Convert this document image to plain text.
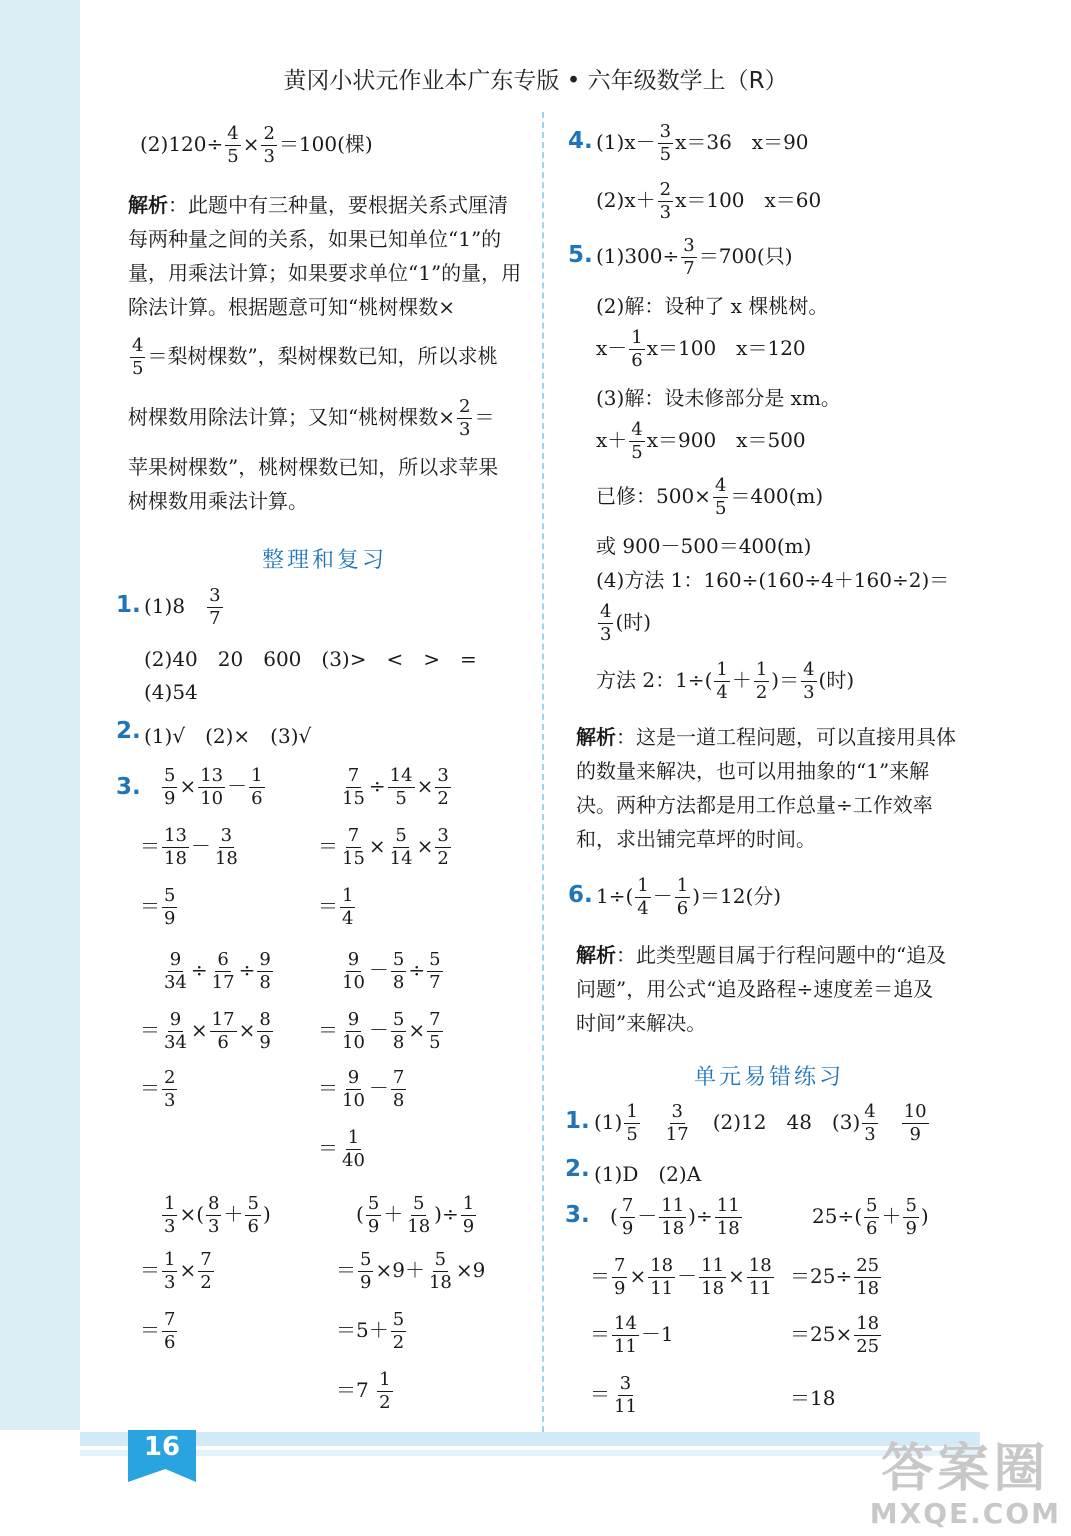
黄冈小状元作业本广东专版 • 六年级数学上（R）
$(2)120\div \frac{4}{5} \times \frac{2}{3} =100$(棵)
解析：此题中有三种量，要根据关系式厘清
每两种量之间的关系，如果已知单位“1”的
量，用乘法计算；如果要求单位“1”的量，用
除法计算。根据题意可知“桃树棵数×
$\frac{4}{5}$ ＝梨树棵数”，梨树棵数已知，所以求桃
树棵数用除法计算；又知“桃树棵数× $\frac{2}{3}$ ＝
苹果树棵数”，桃树棵数已知，所以求苹果
树棵数用乘法计算。
整理和复习
1. (1)8　 $\frac{3}{7}$
(2)40　20　600　(3)>　<　>　=
(4)54
2. (1)√　(2)×　(3)√
3. $\frac{5}{9} \times \frac{13}{10} - \frac{1}{6}$
＝ $\frac{13}{18} - \frac{3}{18}$
＝ $\frac{5}{9}$
$\frac{7}{15} \div \frac{14}{5} \times \frac{3}{2}$
＝ $\frac{7}{15} \times \frac{5}{14} \times \frac{3}{2}$
＝ $\frac{1}{4}$
$\frac{9}{34} \div \frac{6}{17} \div \frac{9}{8}$
＝ $\frac{9}{34} \times \frac{17}{6} \times \frac{8}{9}$
＝ $\frac{2}{3}$
$\frac{9}{10} - \frac{5}{8} \div \frac{5}{7}$
＝ $\frac{9}{10} - \frac{5}{8} \times \frac{7}{5}$
＝ $\frac{9}{10} - \frac{7}{8}$
＝ $\frac{1}{40}$
$\frac{1}{3}$ ×( $\frac{8}{3} + \frac{5}{6}$ )
＝ $\frac{1}{3} \times \frac{7}{2}$
＝ $\frac{7}{6}$
( $\frac{5}{9} + \frac{5}{18}$ )÷ $\frac{1}{9}$
＝ $\frac{5}{9} \times 9+ \frac{5}{18} \times 9$
$=5+ \frac{5}{2}$
$=7 \frac{1}{2}$
4. $(1)x- \frac{3}{5} x=36$　x＝90
$(2)x+ \frac{2}{3} x=100$　x＝60
5. $(1)300\div \frac{3}{7} =700$(只)
(2)解：设种了 x 棵桃树。
$x- \frac{1}{6} x=100$　x＝120
(3)解：设未修部分是 xm。
$x+ \frac{4}{5} x=900$　x＝500
已修：$500\times \frac{4}{5} =400(m)$
或 900－500＝400(m)
(4)方法 1：160÷(160÷4＋160÷2)＝
$\frac{4}{3}$ (时)
方法 2：$1\div( \frac{1}{4} + \frac{1}{2}$ )＝ $\frac{4}{3}$ (时)
解析：这是一道工程问题，可以直接用具体
的数量来解决，也可以用抽象的“1”来解
决。两种方法都是用工作总量÷工作效率
和，求出铺完草坪的时间。
6. $1\div( \frac{1}{4} - \frac{1}{6} )=12$(分)
解析：此类型题目属于行程问题中的“追及
问题”，用公式“追及路程÷速度差＝追及
时间”来解决。
单元易错练习
1. $(1) \frac{1}{5}$
　 $\frac{3}{17}$
　 (2)12　48　$(3) \frac{4}{3}$
　 $\frac{10}{9}$
2. (1)D　(2)A
3. ( $\frac{7}{9} - \frac{11}{18}$ )÷ $\frac{11}{18}$
＝ $\frac{7}{9} \times \frac{18}{11} - \frac{11}{18} \times \frac{18}{11}$
＝ $\frac{14}{11} -1$
＝ $\frac{3}{11}$
$25\div( \frac{5}{6} + \frac{5}{9}$ )
$=25\div \frac{25}{18}$
$=25\times \frac{18}{25}$
＝18
16	答案圈
MXQE.COM
